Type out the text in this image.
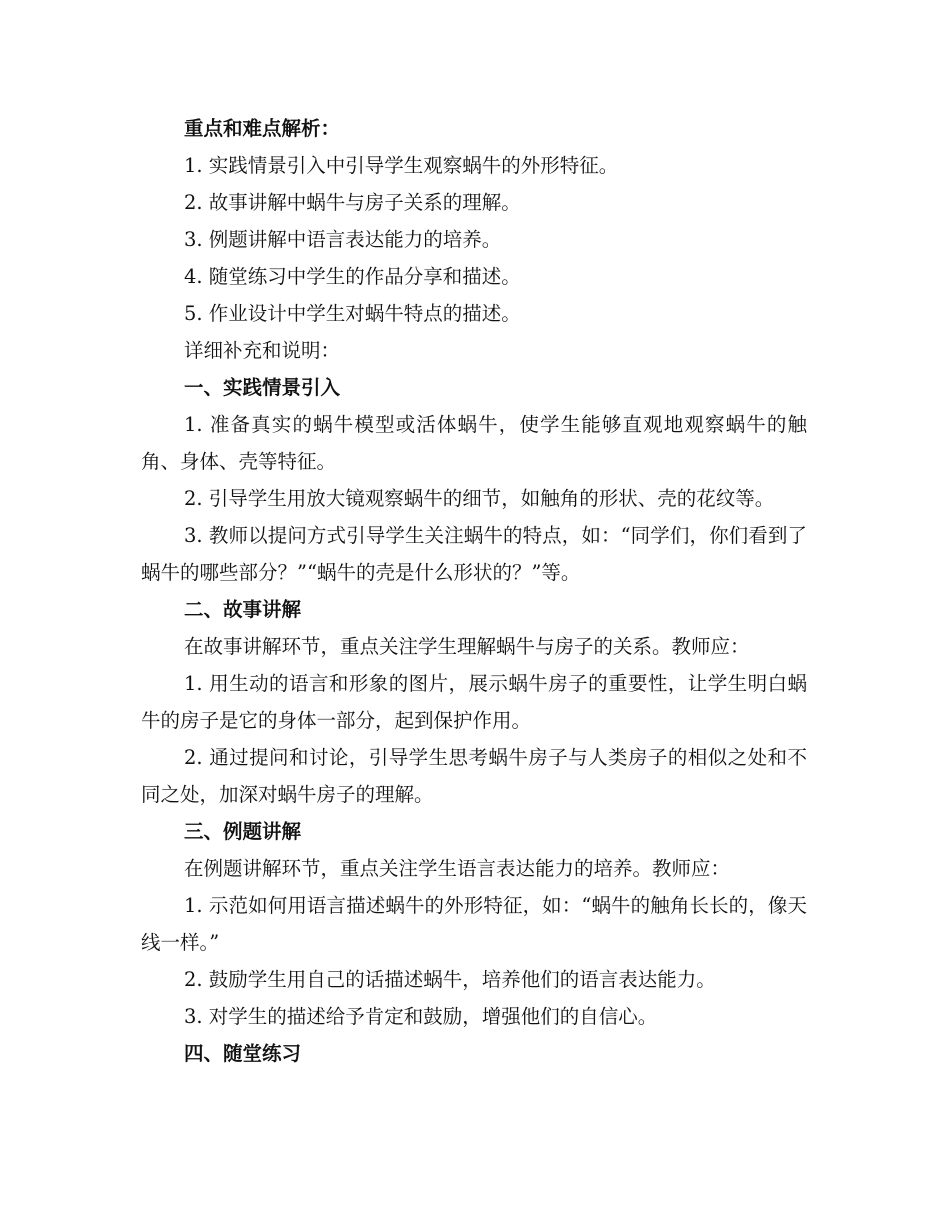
重点和难点解析：

1. 实践情景引入中引导学生观察蜗牛的外形特征。

2. 故事讲解中蜗牛与房子关系的理解。

3. 例题讲解中语言表达能力的培养。

4. 随堂练习中学生的作品分享和描述。

5. 作业设计中学生对蜗牛特点的描述。

详细补充和说明：

一、实践情景引入

1. 准备真实的蜗牛模型或活体蜗牛，使学生能够直观地观察蜗牛的触角、身体、壳等特征。

2. 引导学生用放大镜观察蜗牛的细节，如触角的形状、壳的花纹等。

3. 教师以提问方式引导学生关注蜗牛的特点，如：“同学们，你们看到了蜗牛的哪些部分？”“蜗牛的壳是什么形状的？”等。

二、故事讲解

在故事讲解环节，重点关注学生理解蜗牛与房子的关系。教师应：

1. 用生动的语言和形象的图片，展示蜗牛房子的重要性，让学生明白蜗牛的房子是它的身体一部分，起到保护作用。

2. 通过提问和讨论，引导学生思考蜗牛房子与人类房子的相似之处和不同之处，加深对蜗牛房子的理解。

三、例题讲解

在例题讲解环节，重点关注学生语言表达能力的培养。教师应：

1. 示范如何用语言描述蜗牛的外形特征，如：“蜗牛的触角长长的，像天线一样。”

2. 鼓励学生用自己的话描述蜗牛，培养他们的语言表达能力。

3. 对学生的描述给予肯定和鼓励，增强他们的自信心。

四、随堂练习
